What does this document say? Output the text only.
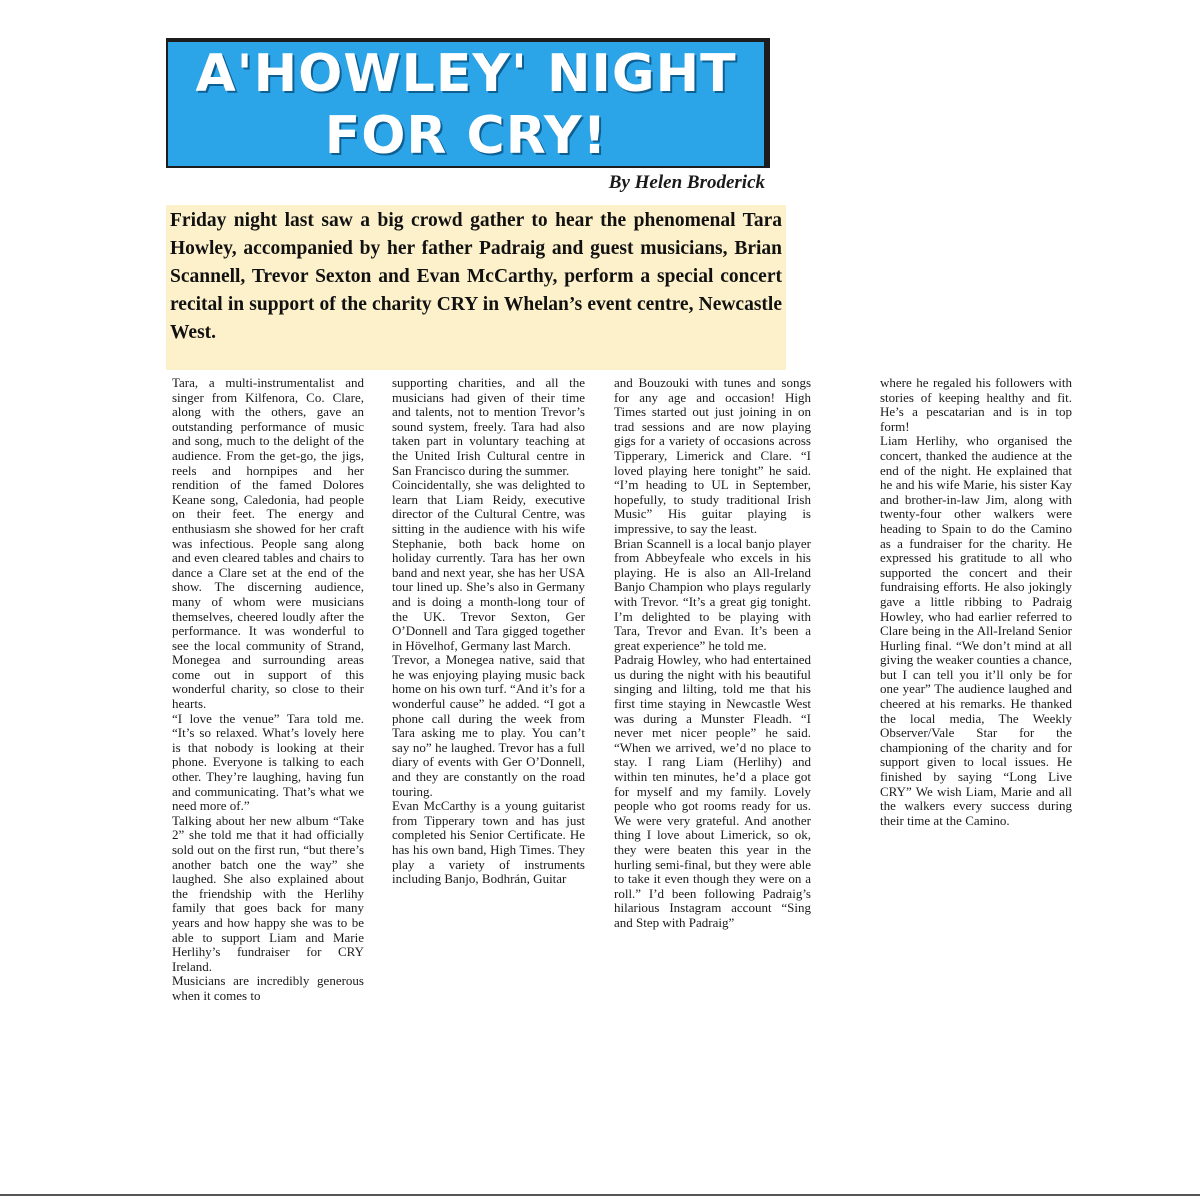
A'HOWLEY' NIGHT
FOR CRY!
By Helen Broderick
Friday night last saw a big crowd gather to hear the phenomenal Tara Howley, accompanied by her father Padraig and guest musicians, Brian Scannell, Trevor Sexton and Evan McCarthy, perform a special concert recital in support of the charity CRY in Whelan’s event centre, Newcastle West.

Tara, a multi-instrumentalist and singer from Kilfenora, Co. Clare, along with the others, gave an outstanding performance of music and song, much to the delight of the audience. From the get-go, the jigs, reels and hornpipes and her rendition of the famed Dolores Keane song, Caledonia, had people on their feet. The energy and enthusiasm she showed for her craft was infectious. People sang along and even cleared tables and chairs to dance a Clare set at the end of the show. The discerning audience, many of whom were musicians themselves, cheered loudly after the performance. It was wonderful to see the local community of Strand, Monegea and surrounding areas come out in support of this wonderful charity, so close to their hearts.

“I love the venue” Tara told me. “It’s so relaxed. What’s lovely here is that nobody is looking at their phone. Everyone is talking to each other. They’re laughing, having fun and communicating. That’s what we need more of.”

Talking about her new album “Take 2” she told me that it had officially sold out on the first run, “but there’s another batch one the way” she laughed. She also explained about the friendship with the Herlihy family that goes back for many years and how happy she was to be able to support Liam and Marie Herlihy’s fundraiser for CRY Ireland.

Musicians are incredibly generous when it comes to

supporting charities, and all the musicians had given of their time and talents, not to mention Trevor’s sound system, freely. Tara had also taken part in voluntary teaching at the United Irish Cultural centre in San Francisco during the summer.

Coincidentally, she was delighted to learn that Liam Reidy, executive director of the Cultural Centre, was sitting in the audience with his wife Stephanie, both back home on holiday currently. Tara has her own band and next year, she has her USA tour lined up. She’s also in Germany and is doing a month-long tour of the UK. Trevor Sexton, Ger O’Donnell and Tara gigged together in Hövelhof, Germany last March.

Trevor, a Monegea native, said that he was enjoying playing music back home on his own turf. “And it’s for a wonderful cause” he added. “I got a phone call during the week from Tara asking me to play. You can’t say no” he laughed. Trevor has a full diary of events with Ger O’Donnell, and they are constantly on the road touring.

Evan McCarthy is a young guitarist from Tipperary town and has just completed his Senior Certificate. He has his own band, High Times. They play a variety of instruments including Banjo, Bodhrán, Guitar

and Bouzouki with tunes and songs for any age and occasion! High Times started out just joining in on trad sessions and are now playing gigs for a variety of occasions across Tipperary, Limerick and Clare. “I loved playing here tonight” he said. “I’m heading to UL in September, hopefully, to study traditional Irish Music” His guitar playing is impressive, to say the least.

Brian Scannell is a local banjo player from Abbeyfeale who excels in his playing. He is also an All-Ireland Banjo Champion who plays regularly with Trevor. “It’s a great gig tonight. I’m delighted to be playing with Tara, Trevor and Evan. It’s been a great experience” he told me.

Padraig Howley, who had entertained us during the night with his beautiful singing and lilting, told me that his first time staying in Newcastle West was during a Munster Fleadh. “I never met nicer people” he said. “When we arrived, we’d no place to stay. I rang Liam (Herlihy) and within ten minutes, he’d a place got for myself and my family. Lovely people who got rooms ready for us. We were very grateful. And another thing I love about Limerick, so ok, they were beaten this year in the hurling semi-final, but they were able to take it even though they were on a roll.” I’d been following Padraig’s hilarious Instagram account “Sing and Step with Padraig”

where he regaled his followers with stories of keeping healthy and fit. He’s a pescatarian and is in top form!

Liam Herlihy, who organised the concert, thanked the audience at the end of the night. He explained that he and his wife Marie, his sister Kay and brother-in-law Jim, along with twenty-four other walkers were heading to Spain to do the Camino as a fundraiser for the charity. He expressed his gratitude to all who supported the concert and their fundraising efforts. He also jokingly gave a little ribbing to Padraig Howley, who had earlier referred to Clare being in the All-Ireland Senior Hurling final. “We don’t mind at all giving the weaker counties a chance, but I can tell you it’ll only be for one year” The audience laughed and cheered at his remarks. He thanked the local media, The Weekly Observer/Vale Star for the championing of the charity and for support given to local issues. He finished by saying “Long Live CRY” We wish Liam, Marie and all the walkers every success during their time at the Camino.
